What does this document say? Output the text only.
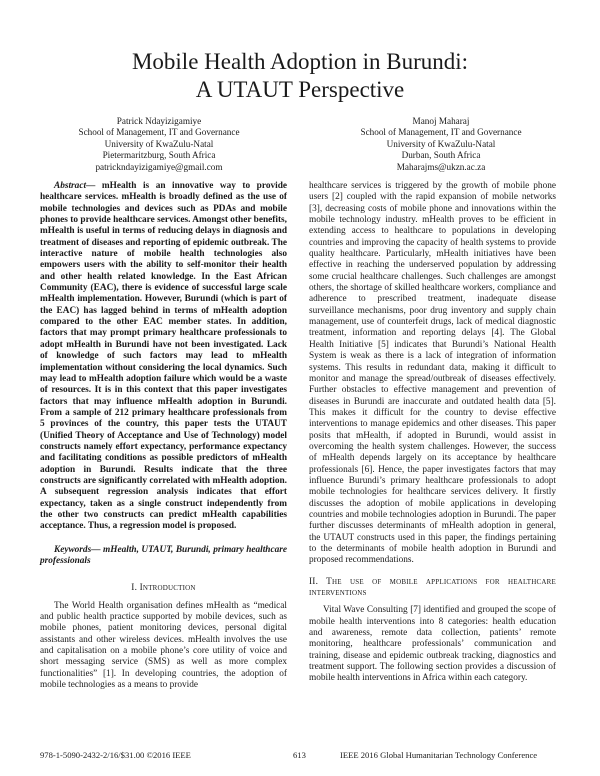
Mobile Health Adoption in Burundi:
A UTAUT Perspective
Patrick Ndayizigamiye
School of Management, IT and Governance
University of KwaZulu-Natal
Pietermaritzburg, South Africa
patrickndayizigamiye@gmail.com
Manoj Maharaj
School of Management, IT and Governance
University of KwaZulu-Natal
Durban, South Africa
Maharajms@ukzn.ac.za

Abstract— mHealth is an innovative way to provide healthcare services. mHealth is broadly defined as the use of mobile technologies and devices such as PDAs and mobile phones to provide healthcare services. Amongst other benefits, mHealth is useful in terms of reducing delays in diagnosis and treatment of diseases and reporting of epidemic outbreak. The interactive nature of mobile health technologies also empowers users with the ability to self-monitor their health and other health related knowledge. In the East African Community (EAC), there is evidence of successful large scale mHealth implementation. However, Burundi (which is part of the EAC) has lagged behind in terms of mHealth adoption compared to the other EAC member states. In addition, factors that may prompt primary healthcare professionals to adopt mHealth in Burundi have not been investigated. Lack of knowledge of such factors may lead to mHealth implementation without considering the local dynamics. Such may lead to mHealth adoption failure which would be a waste of resources. It is in this context that this paper investigates factors that may influence mHealth adoption in Burundi. From a sample of 212 primary healthcare professionals from 5 provinces of the country, this paper tests the UTAUT (Unified Theory of Acceptance and Use of Technology) model constructs namely effort expectancy, performance expectancy and facilitating conditions as possible predictors of mHealth adoption in Burundi. Results indicate that the three constructs are significantly correlated with mHealth adoption. A subsequent regression analysis indicates that effort expectancy, taken as a single construct independently from the other two constructs can predict mHealth capabilities acceptance. Thus, a regression model is proposed.

Keywords— mHealth, UTAUT, Burundi, primary healthcare professionals

I. Introduction

The World Health organisation defines mHealth as “medical and public health practice supported by mobile devices, such as mobile phones, patient monitoring devices, personal digital assistants and other wireless devices. mHealth involves the use and capitalisation on a mobile phone’s core utility of voice and short messaging service (SMS) as well as more complex functionalities” [1]. In developing countries, the adoption of mobile technologies as a means to provide

healthcare services is triggered by the growth of mobile phone users [2] coupled with the rapid expansion of mobile networks [3], decreasing costs of mobile phone and innovations within the mobile technology industry. mHealth proves to be efficient in extending access to healthcare to populations in developing countries and improving the capacity of health systems to provide quality healthcare. Particularly, mHealth initiatives have been effective in reaching the underserved population by addressing some crucial healthcare challenges. Such challenges are amongst others, the shortage of skilled healthcare workers, compliance and adherence to prescribed treatment, inadequate disease surveillance mechanisms, poor drug inventory and supply chain management, use of counterfeit drugs, lack of medical diagnostic treatment, information and reporting delays [4]. The Global Health Initiative [5] indicates that Burundi’s National Health System is weak as there is a lack of integration of information systems. This results in redundant data, making it difficult to monitor and manage the spread/outbreak of diseases effectively. Further obstacles to effective management and prevention of diseases in Burundi are inaccurate and outdated health data [5]. This makes it difficult for the country to devise effective interventions to manage epidemics and other diseases. This paper posits that mHealth, if adopted in Burundi, would assist in overcoming the health system challenges. However, the success of mHealth depends largely on its acceptance by healthcare professionals [6]. Hence, the paper investigates factors that may influence Burundi’s primary healthcare professionals to adopt mobile technologies for healthcare services delivery. It firstly discusses the adoption of mobile applications in developing countries and mobile technologies adoption in Burundi. The paper further discusses determinants of mHealth adoption in general, the UTAUT constructs used in this paper, the findings pertaining to the determinants of mobile health adoption in Burundi and proposed recommendations.

II. The use of mobile applications for healthcare interventions

Vital Wave Consulting [7] identified and grouped the scope of mobile health interventions into 8 categories: health education and awareness, remote data collection, patients’ remote monitoring, healthcare professionals’ communication and training, disease and epidemic outbreak tracking, diagnostics and treatment support. The following section provides a discussion of mobile health interventions in Africa within each category.

978-1-5090-2432-2/16/$31.00 ©2016 IEEE	613	IEEE 2016 Global Humanitarian Technology Conference
